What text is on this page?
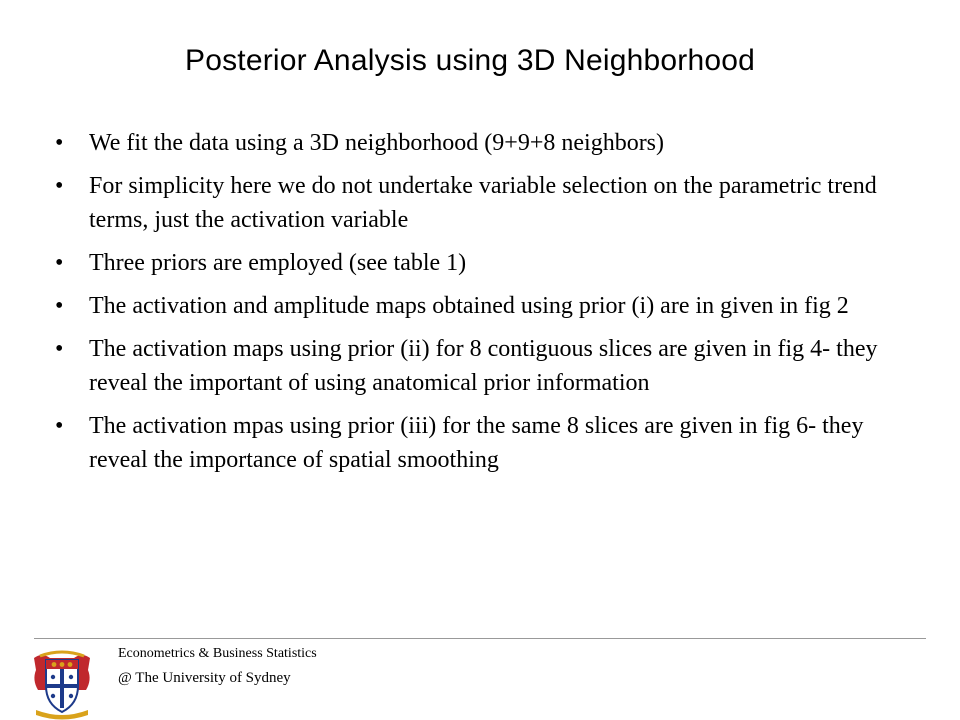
Posterior Analysis using 3D Neighborhood
• We fit the data using a 3D neighborhood (9+9+8 neighbors)
• For simplicity here we do not undertake variable selection on the parametric trend terms, just the activation variable
• Three priors are employed (see table 1)
• The activation and amplitude maps obtained using prior (i) are in given in fig 2
• The activation maps using prior (ii) for 8 contiguous slices are given in fig 4- they reveal the important of using anatomical prior information
• The activation mpas using prior (iii) for the same 8 slices are given in fig 6- they reveal the importance of spatial smoothing
Econometrics & Business Statistics
@ The University of Sydney
